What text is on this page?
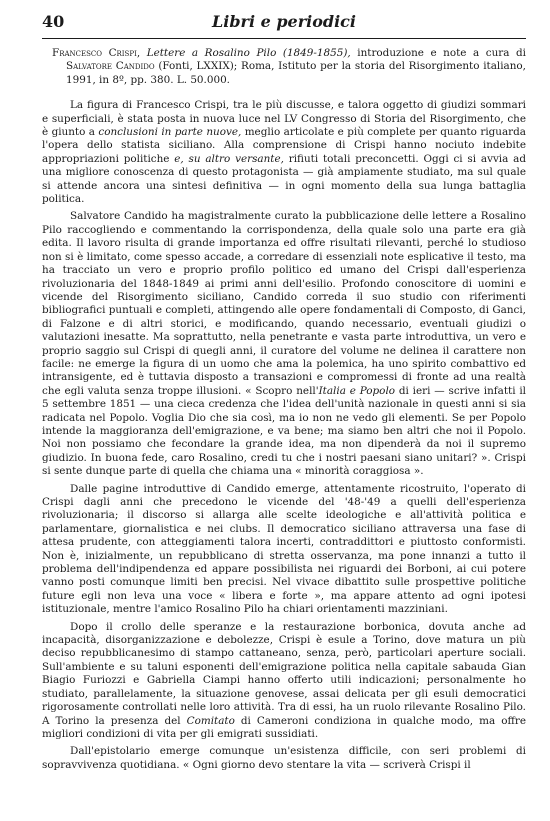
40	Libri e periodici
Francesco Crispi, Lettere a Rosalino Pilo (1849-1855), introduzione e note a cura di Salvatore Candido (Fonti, LXXIX); Roma, Istituto per la storia del Risorgimento italiano, 1991, in 8º, pp. 380. L. 50.000.

La figura di Francesco Crispi, tra le più discusse, e talora oggetto di giudizi sommari e superficiali, è stata posta in nuova luce nel LV Congresso di Storia del Risorgimento, che è giunto a conclusioni in parte nuove, meglio articolate e più complete per quanto riguarda l'opera dello statista siciliano. Alla comprensione di Crispi hanno nociuto indebite appropriazioni politiche e, su altro versante, rifiuti totali preconcetti. Oggi ci si avvia ad una migliore conoscenza di questo protagonista — già ampiamente studiato, ma sul quale si attende ancora una sintesi definitiva — in ogni momento della sua lunga battaglia politica.

Salvatore Candido ha magistralmente curato la pubblicazione delle lettere a Rosalino Pilo raccogliendo e commentando la corrispondenza, della quale solo una parte era già edita. Il lavoro risulta di grande importanza ed offre risultati rilevanti, perché lo studioso non si è limitato, come spesso accade, a corredare di essenziali note esplicative il testo, ma ha tracciato un vero e proprio profilo politico ed umano del Crispi dall'esperienza rivoluzionaria del 1848-1849 ai primi anni dell'esilio. Profondo conoscitore di uomini e vicende del Risorgimento siciliano, Candido correda il suo studio con riferimenti bibliografici puntuali e completi, attingendo alle opere fondamentali di Composto, di Ganci, di Falzone e di altri storici, e modificando, quando necessario, eventuali giudizi o valutazioni inesatte. Ma soprattutto, nella penetrante e vasta parte introduttiva, un vero e proprio saggio sul Crispi di quegli anni, il curatore del volume ne delinea il carattere non facile: ne emerge la figura di un uomo che ama la polemica, ha uno spirito combattivo ed intransigente, ed è tuttavia disposto a transazioni e compromessi di fronte ad una realtà che egli valuta senza troppe illusioni. « Scopro nell'Italia e Popolo di ieri — scrive infatti il 5 settembre 1851 — una cieca credenza che l'idea dell'unità nazionale in questi anni si sia radicata nel Popolo. Voglia Dio che sia così, ma io non ne vedo gli elementi. Se per Popolo intende la maggioranza dell'emigrazione, e va bene; ma siamo ben altri che noi il Popolo. Noi non possiamo che fecondare la grande idea, ma non dipenderà da noi il supremo giudizio. In buona fede, caro Rosalino, credi tu che i nostri paesani siano unitari? ». Crispi si sente dunque parte di quella che chiama una « minorità coraggiosa ».

Dalle pagine introduttive di Candido emerge, attentamente ricostruito, l'operato di Crispi dagli anni che precedono le vicende del '48-'49 a quelli dell'esperienza rivoluzionaria; il discorso si allarga alle scelte ideologiche e all'attività politica e parlamentare, giornalistica e nei clubs. Il democratico siciliano attraversa una fase di attesa prudente, con atteggiamenti talora incerti, contraddittori e piuttosto conformisti. Non è, inizialmente, un repubblicano di stretta osservanza, ma pone innanzi a tutto il problema dell'indipendenza ed appare possibilista nei riguardi dei Borboni, ai cui potere vanno posti comunque limiti ben precisi. Nel vivace dibattito sulle prospettive politiche future egli non leva una voce « libera e forte », ma appare attento ad ogni ipotesi istituzionale, mentre l'amico Rosalino Pilo ha chiari orientamenti mazziniani.

Dopo il crollo delle speranze e la restaurazione borbonica, dovuta anche ad incapacità, disorganizzazione e debolezze, Crispi è esule a Torino, dove matura un più deciso repubblicanesimo di stampo cattaneano, senza, però, particolari aperture sociali. Sull'ambiente e su taluni esponenti dell'emigrazione politica nella capitale sabauda Gian Biagio Furiozzi e Gabriella Ciampi hanno offerto utili indicazioni; personalmente ho studiato, parallelamente, la situazione genovese, assai delicata per gli esuli democratici rigorosamente controllati nelle loro attività. Tra di essi, ha un ruolo rilevante Rosalino Pilo. A Torino la presenza del Comitato di Cameroni condiziona in qualche modo, ma offre migliori condizioni di vita per gli emigrati sussidiati.

Dall'epistolario emerge comunque un'esistenza difficile, con seri problemi di sopravvivenza quotidiana. « Ogni giorno devo stentare la vita — scriverà Crispi il
